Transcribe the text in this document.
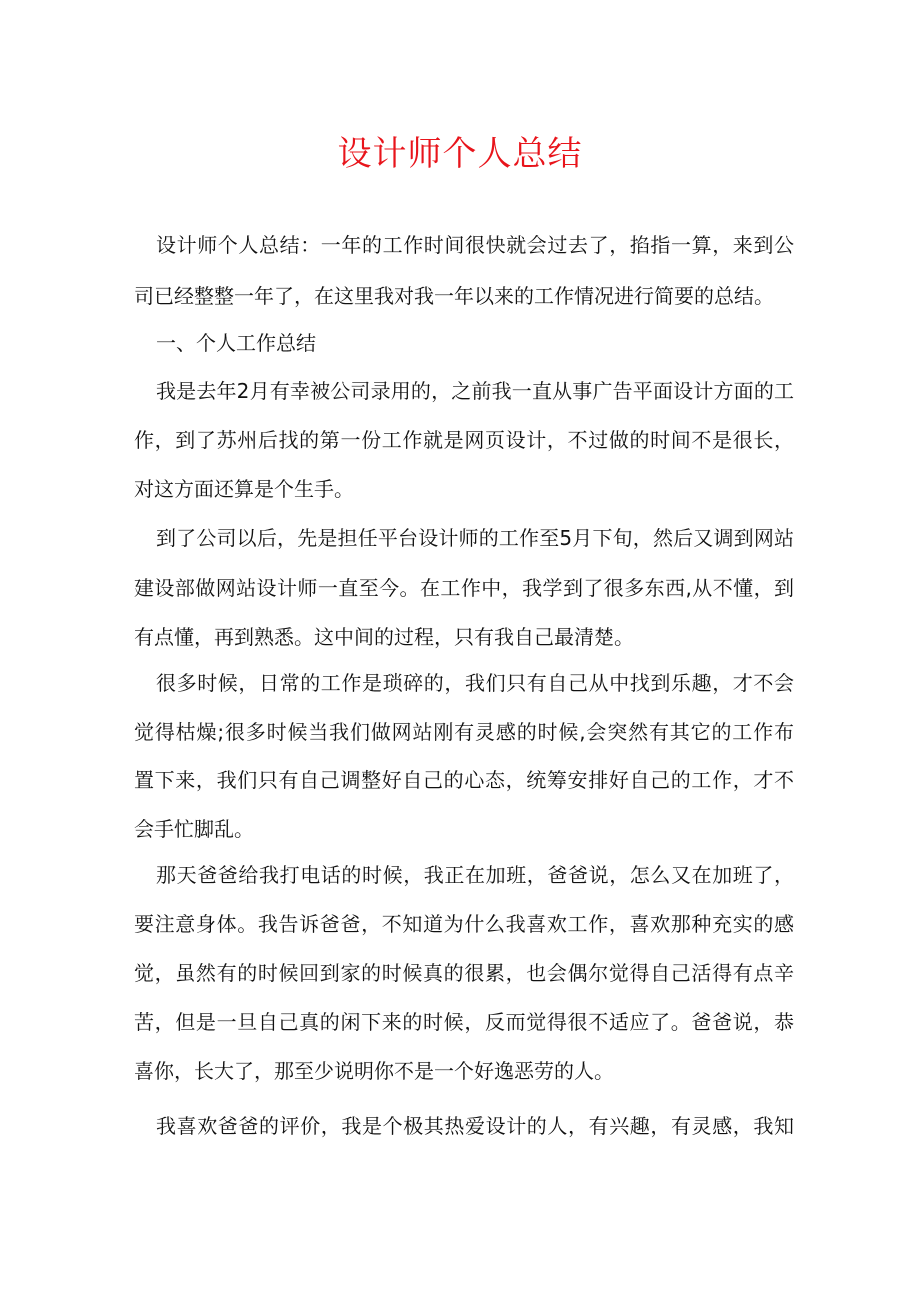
设计师个人总结
设计师个人总结：一年的工作时间很快就会过去了，掐指一算，来到公
司已经整整一年了，在这里我对我一年以来的工作情况进行简要的总结。
一、个人工作总结
我是去年2月有幸被公司录用的，之前我一直从事广告平面设计方面的工
作，到了苏州后找的第一份工作就是网页设计，不过做的时间不是很长，
对这方面还算是个生手。
到了公司以后，先是担任平台设计师的工作至5月下旬，然后又调到网站
建设部做网站设计师一直至今。在工作中，我学到了很多东西,从不懂，到
有点懂，再到熟悉。这中间的过程，只有我自己最清楚。
很多时候，日常的工作是琐碎的，我们只有自己从中找到乐趣，才不会
觉得枯燥;很多时候当我们做网站刚有灵感的时候,会突然有其它的工作布
置下来，我们只有自己调整好自己的心态，统筹安排好自己的工作，才不
会手忙脚乱。
那天爸爸给我打电话的时候，我正在加班，爸爸说，怎么又在加班了，
要注意身体。我告诉爸爸，不知道为什么我喜欢工作，喜欢那种充实的感
觉，虽然有的时候回到家的时候真的很累，也会偶尔觉得自己活得有点辛
苦，但是一旦自己真的闲下来的时候，反而觉得很不适应了。爸爸说，恭
喜你，长大了，那至少说明你不是一个好逸恶劳的人。
我喜欢爸爸的评价，我是个极其热爱设计的人，有兴趣，有灵感，我知
